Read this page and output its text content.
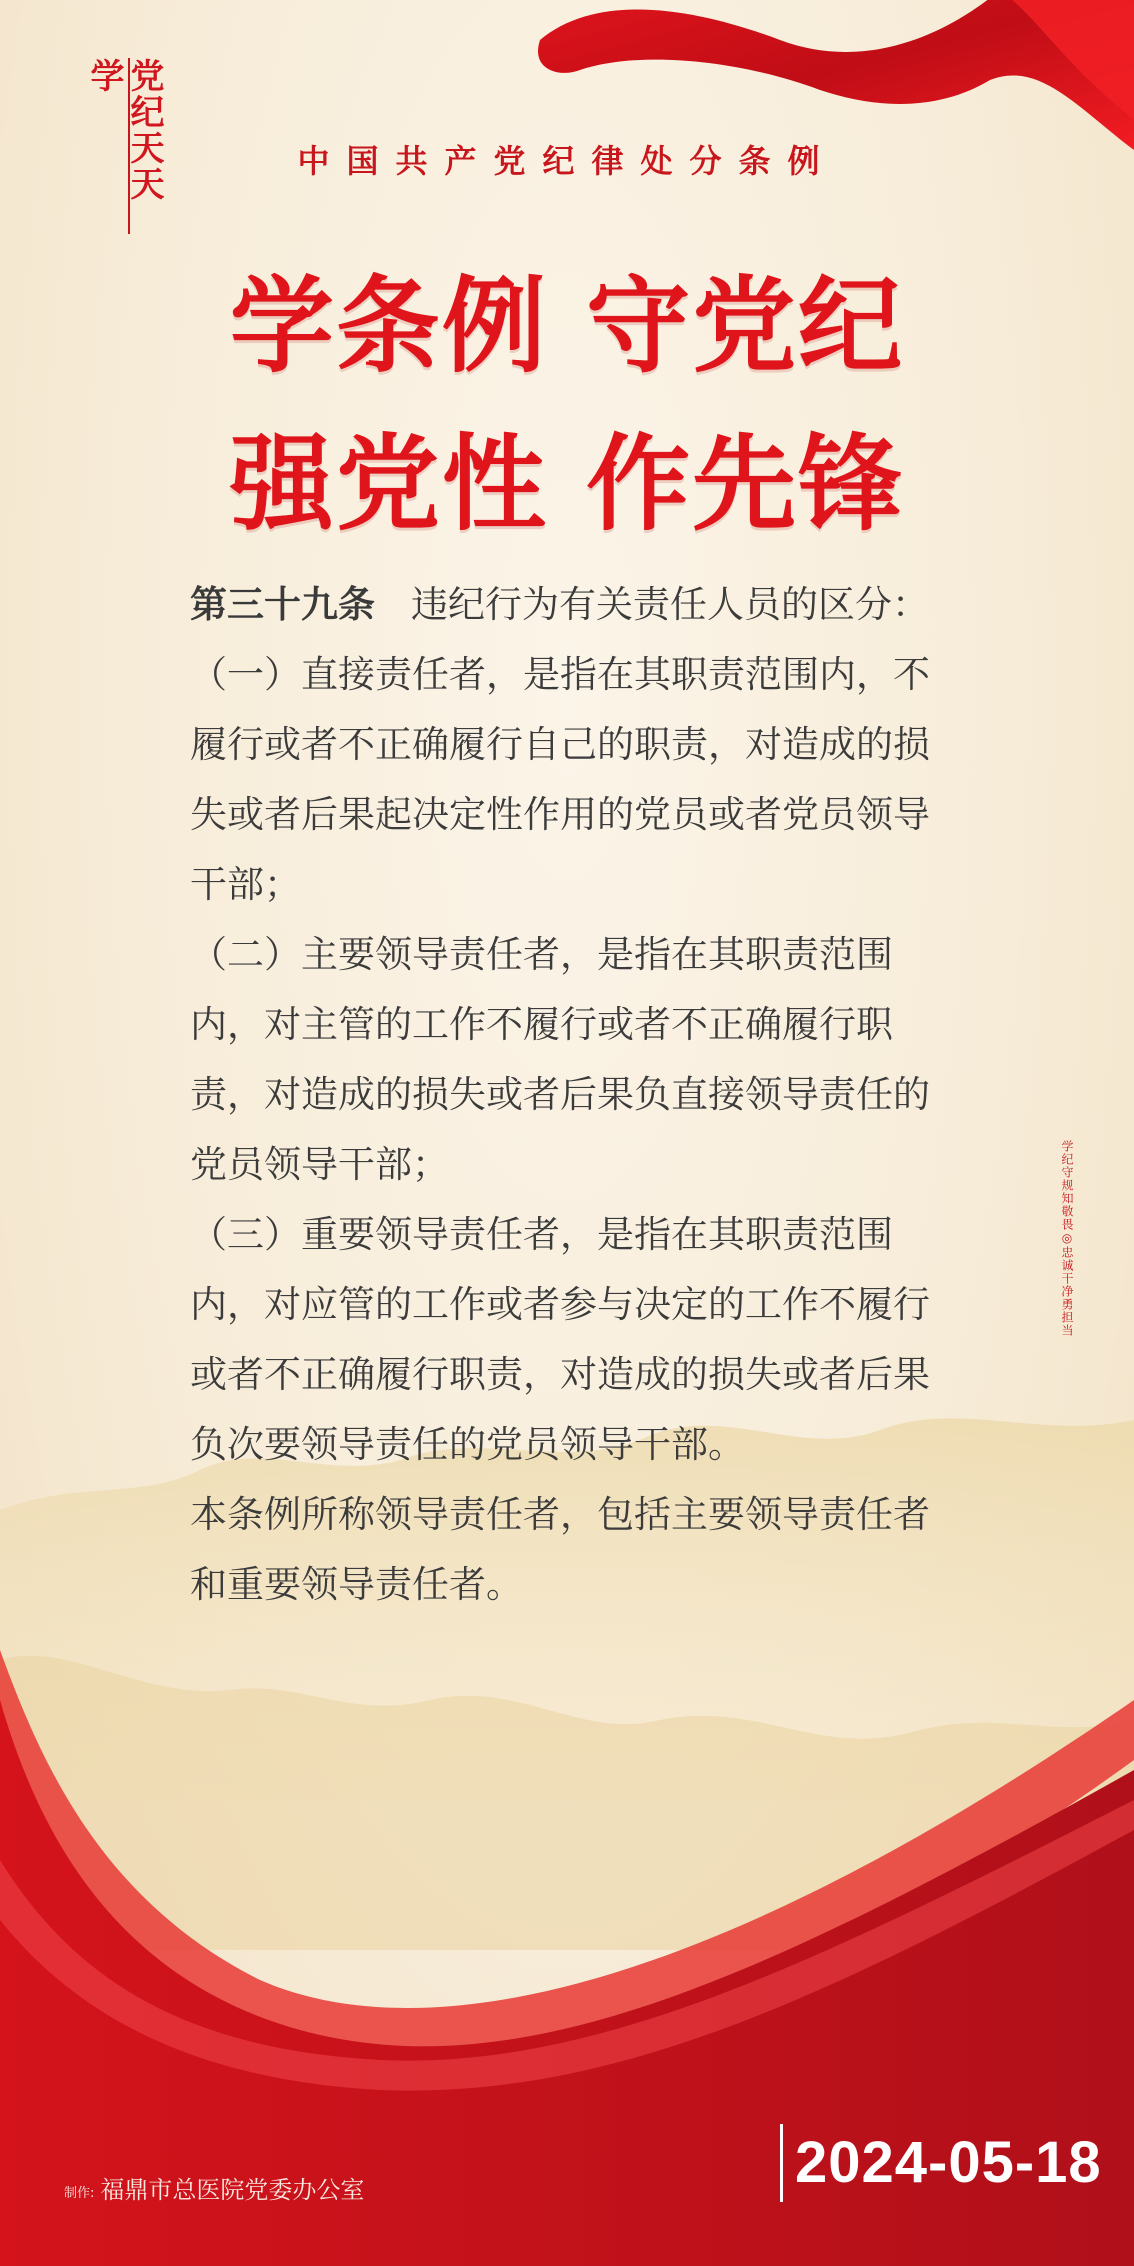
党纪天天学
中国共产党纪律处分条例
学条例 守党纪
强党性 作先锋

第三十九条 违纪行为有关责任人员的区分：

（一）直接责任者，是指在其职责范围内，不履行或者不正确履行自己的职责，对造成的损失或者后果起决定性作用的党员或者党员领导干部；

（二）主要领导责任者，是指在其职责范围内，对主管的工作不履行或者不正确履行职责，对造成的损失或者后果负直接领导责任的党员领导干部；

（三）重要领导责任者，是指在其职责范围内，对应管的工作或者参与决定的工作不履行或者不正确履行职责，对造成的损失或者后果负次要领导责任的党员领导干部。

本条例所称领导责任者，包括主要领导责任者和重要领导责任者。

学纪守规知敬畏◎忠诚干净勇担当
制作: 福鼎市总医院党委办公室	2024-05-18
